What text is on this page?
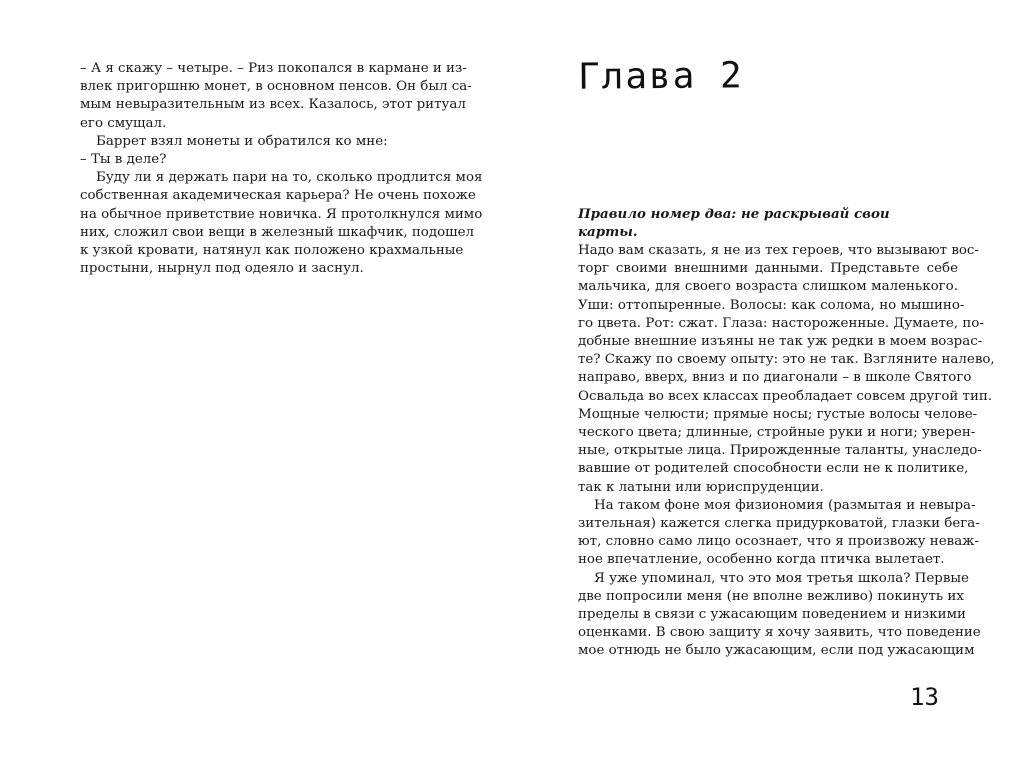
– А я скажу – четыре. – Риз покопался в кармане и из-
влек пригоршню монет, в основном пенсов. Он был са-
мым невыразительным из всех. Казалось, этот ритуал
его смущал.
Баррет взял монеты и обратился ко мне:
– Ты в деле?
Буду ли я держать пари на то, сколько продлится моя
собственная академическая карьера? Не очень похоже
на обычное приветствие новичка. Я протолкнулся мимо
них, сложил свои вещи в железный шкафчик, подошел
к узкой кровати, натянул как положено крахмальные
простыни, нырнул под одеяло и заснул.
Глава 2

Правило номер два: не раскрывай свои карты.

Надо вам сказать, я не из тех героев, что вызывают вос-
торг своими внешними данными. Представьте себе
мальчика, для своего возраста слишком маленького.
Уши: оттопыренные. Волосы: как солома, но мышино-
го цвета. Рот: сжат. Глаза: настороженные. Думаете, по-
добные внешние изъяны не так уж редки в моем возрас-
те? Скажу по своему опыту: это не так. Взгляните налево,
направо, вверх, вниз и по диагонали – в школе Святого
Освальда во всех классах преобладает совсем другой тип.
Мощные челюсти; прямые носы; густые волосы челове-
ческого цвета; длинные, стройные руки и ноги; уверен-
ные, открытые лица. Прирожденные таланты, унаследо-
вавшие от родителей способности если не к политике,
так к латыни или юриспруденции.
На таком фоне моя физиономия (размытая и невыра-
зительная) кажется слегка придурковатой, глазки бега-
ют, словно само лицо осознает, что я произвожу неваж-
ное впечатление, особенно когда птичка вылетает.
Я уже упоминал, что это моя третья школа? Первые
две попросили меня (не вполне вежливо) покинуть их
пределы в связи с ужасающим поведением и низкими
оценками. В свою защиту я хочу заявить, что поведение
мое отнюдь не было ужасающим, если под ужасающим
13
